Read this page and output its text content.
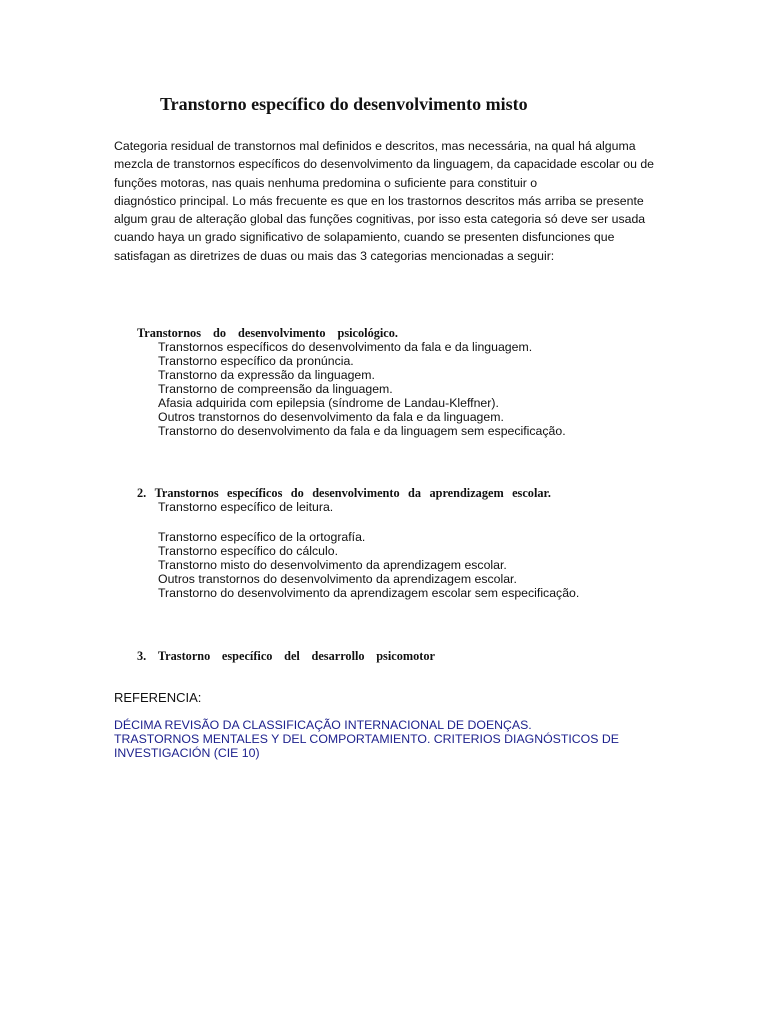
Transtorno específico do desenvolvimento misto
Categoria residual de transtornos mal definidos e descritos, mas necessária, na qual há alguma
mezcla de transtornos específicos do desenvolvimento da linguagem, da capacidade escolar ou de
funções motoras, nas quais nenhuma predomina o suficiente para constituir o
diagnóstico principal. Lo más frecuente es que en los trastornos descritos más arriba se presente
algum grau de alteração global das funções cognitivas, por isso esta categoria só deve ser usada
cuando haya un grado significativo de solapamiento, cuando se presenten disfunciones que
satisfagan as diretrizes de duas ou mais das 3 categorias mencionadas a seguir:
Transtornos do desenvolvimento psicológico.
Transtornos específicos do desenvolvimento da fala e da linguagem.
Transtorno específico da pronúncia.
Transtorno da expressão da linguagem.
Transtorno de compreensão da linguagem.
Afasia adquirida com epilepsia (síndrome de Landau-Kleffner).
Outros transtornos do desenvolvimento da fala e da linguagem.
Transtorno do desenvolvimento da fala e da linguagem sem especificação.
2. Transtornos específicos do desenvolvimento da aprendizagem escolar.
Transtorno específico de leitura.
Transtorno específico de la ortografía.
Transtorno específico do cálculo.
Transtorno misto do desenvolvimento da aprendizagem escolar.
Outros transtornos do desenvolvimento da aprendizagem escolar.
Transtorno do desenvolvimento da aprendizagem escolar sem especificação.
3. Trastorno específico del desarrollo psicomotor
REFERENCIA:
DÉCIMA REVISÃO DA CLASSIFICAÇÃO INTERNACIONAL DE DOENÇAS.
TRASTORNOS MENTALES Y DEL COMPORTAMIENTO. CRITERIOS DIAGNÓSTICOS DE
INVESTIGACIÓN (CIE 10)
